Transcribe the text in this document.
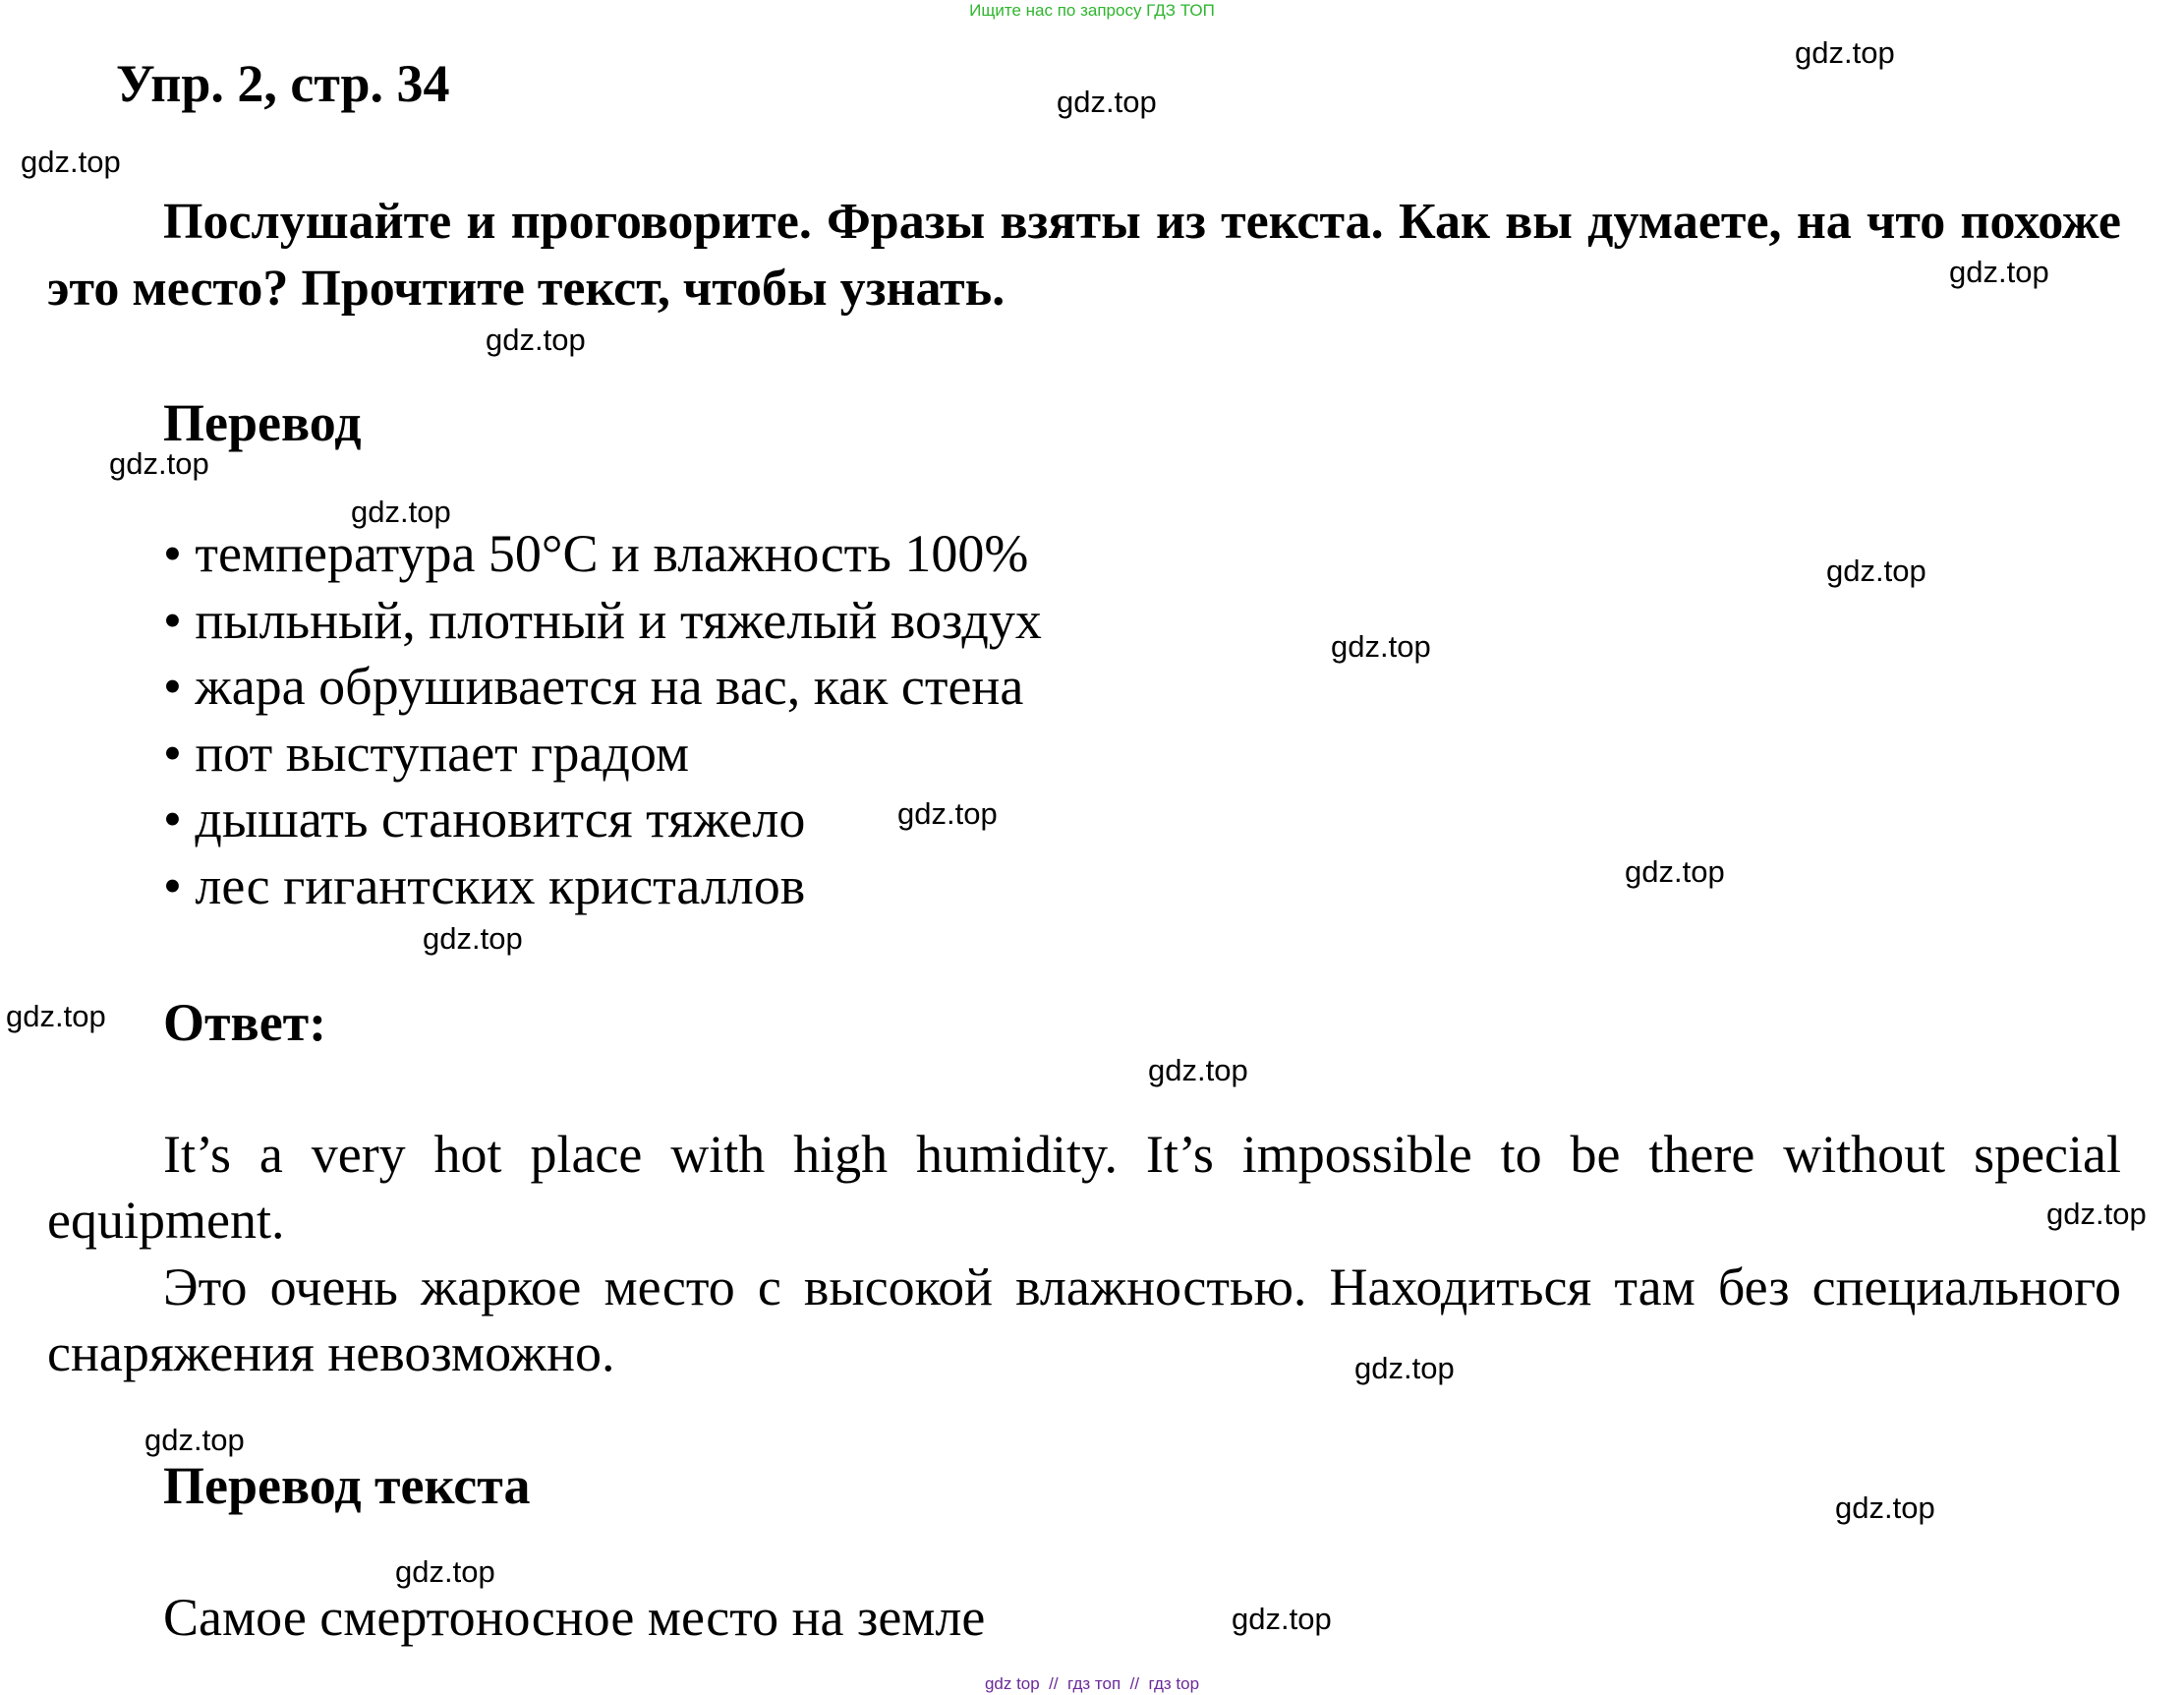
Ищите нас по запросу ГДЗ ТОП
Упр. 2, стр. 34
Послушайте и проговорите. Фразы взяты из текста. Как вы думаете, на что похоже это место? Прочтите текст, чтобы узнать.
Перевод
• температура 50°С и влажность 100%
• пыльный, плотный и тяжелый воздух
• жара обрушивается на вас, как стена
• пот выступает градом
• дышать становится тяжело
• лес гигантских кристаллов
Ответ:
It’s a very hot place with high humidity. It’s impossible to be there without special equipment.
Это очень жаркое место с высокой влажностью. Находиться там без специального снаряжения невозможно.
Перевод текста
Самое смертоносное место на земле
gdz.top
gdz.top
gdz.top
gdz.top
gdz.top
gdz.top
gdz.top
gdz.top
gdz.top
gdz.top
gdz.top
gdz.top
gdz.top
gdz.top
gdz.top
gdz.top
gdz.top
gdz.top
gdz.top
gdz.top
gdz top  //  гдз топ  //  гдз top
